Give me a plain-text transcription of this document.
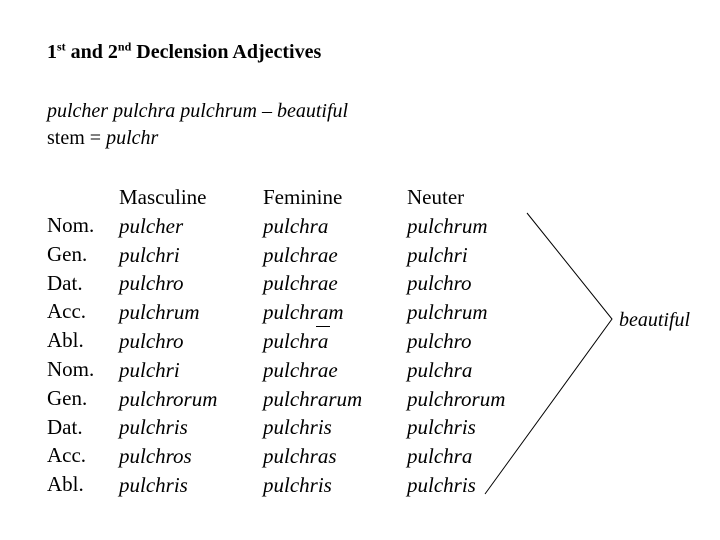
1st and 2nd Declension Adjectives
pulcher pulchra pulchrum – beautiful
stem = pulchr
Nom.
Gen.
Dat.
Acc.
Abl.
Nom.
Gen.
Dat.
Acc.
Abl.
Masculine
pulcher
pulchri
pulchro
pulchrum
pulchro
pulchri
pulchrorum
pulchris
pulchros
pulchris
Feminine
pulchra
pulchrae
pulchrae
pulchram
pulchr
a
pulchrae
pulchrarum
pulchris
pulchras
pulchris
Neuter
pulchrum
pulchri
pulchro
pulchrum
pulchro
pulchra
pulchrorum
pulchris
pulchra
pulchris
beautiful
